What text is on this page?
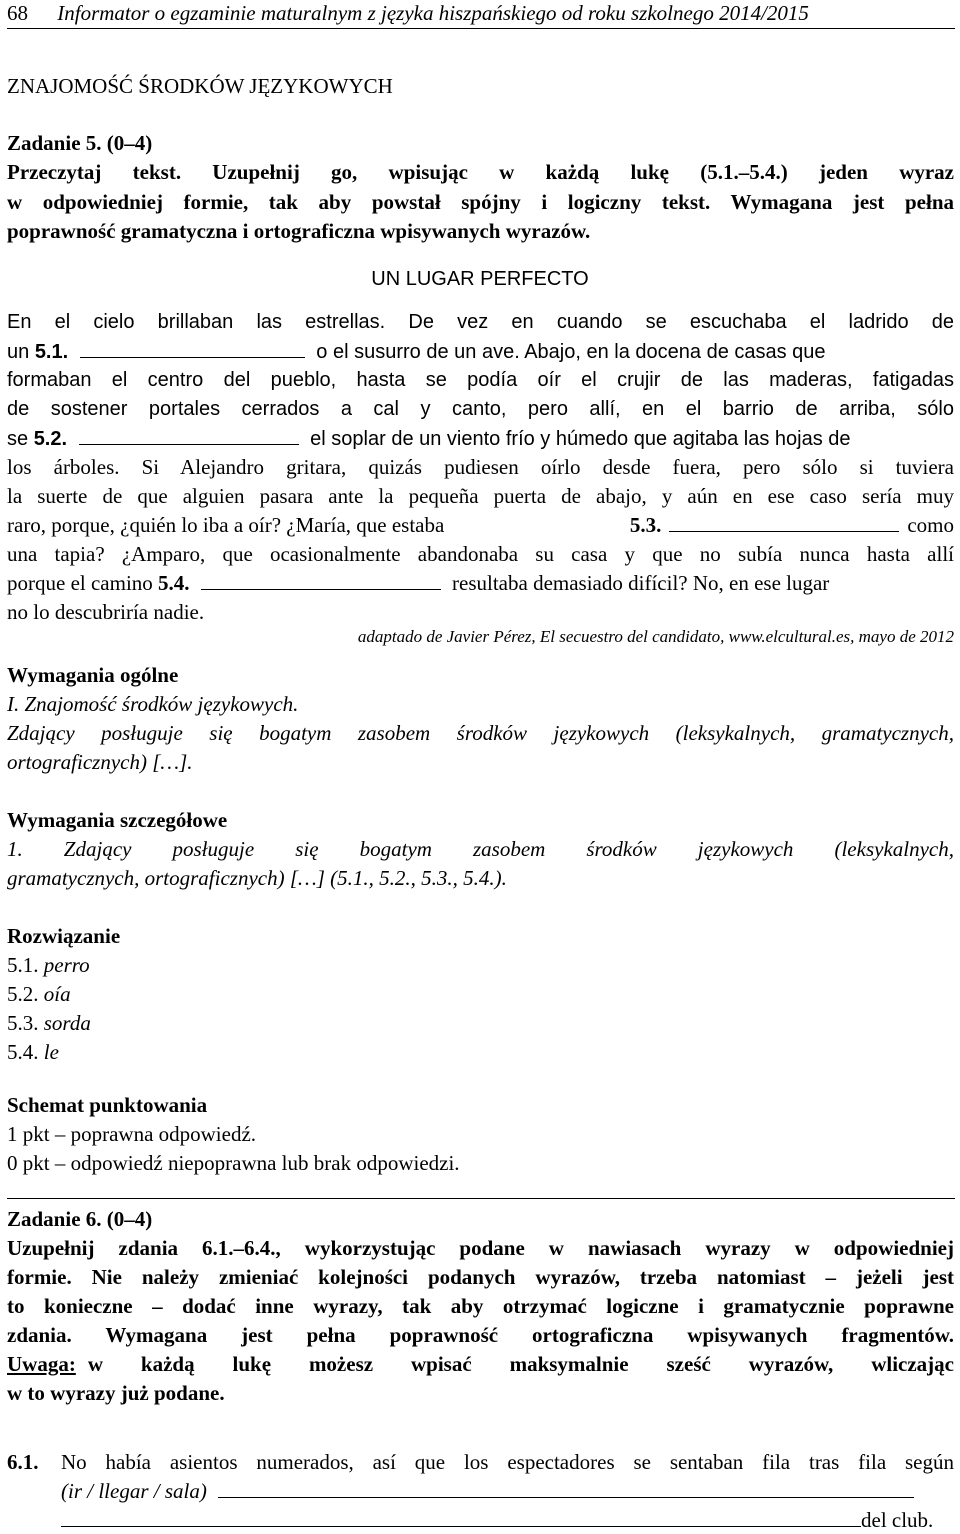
68 Informator o egzaminie maturalnym z języka hiszpańskiego od roku szkolnego 2014/2015
ZNAJOMOŚĆ ŚRODKÓW JĘZYKOWYCH
Zadanie 5. (0–4)
Przeczytaj tekst. Uzupełnij go, wpisując w każdą lukę (5.1.–5.4.) jeden wyraz
w odpowiedniej formie, tak aby powstał spójny i logiczny tekst. Wymagana jest pełna
poprawność gramatyczna i ortograficzna wpisywanych wyrazów.
UN LUGAR PERFECTO
En el cielo brillaban las estrellas. De vez en cuando se escuchaba el ladrido de
un 5.1.	o el susurro de un ave. Abajo, en la docena de casas que
formaban el centro del pueblo, hasta se podía oír el crujir de las maderas, fatigadas
de sostener portales cerrados a cal y canto, pero allí, en el barrio de arriba, sólo
se 5.2.	el soplar de un viento frío y húmedo que agitaba las hojas de
los árboles. Si Alejandro gritara, quizás pudiesen oírlo desde fuera, pero sólo si tuviera
la suerte de que alguien pasara ante la pequeña puerta de abajo, y aún en ese caso sería muy
raro, porque, ¿quién lo iba a oír? ¿María, que estaba	5.3.	como
una tapia? ¿Amparo, que ocasionalmente abandonaba su casa y que no subía nunca hasta allí
porque el camino 5.4.	resultaba demasiado difícil? No, en ese lugar
no lo descubriría nadie.
adaptado de Javier Pérez, El secuestro del candidato, www.elcultural.es, mayo de 2012
Wymagania ogólne
I. Znajomość środków językowych.
Zdający posługuje się bogatym zasobem środków językowych (leksykalnych, gramatycznych,
ortograficznych) […].
Wymagania szczegółowe
1. Zdający posługuje się bogatym zasobem środków językowych (leksykalnych,
gramatycznych, ortograficznych) […] (5.1., 5.2., 5.3., 5.4.).
Rozwiązanie
5.1. perro
5.2. oía
5.3. sorda
5.4. le
Schemat punktowania
1 pkt – poprawna odpowiedź.
0 pkt – odpowiedź niepoprawna lub brak odpowiedzi.
Zadanie 6. (0–4)
Uzupełnij zdania 6.1.–6.4., wykorzystując podane w nawiasach wyrazy w odpowiedniej
formie. Nie należy zmieniać kolejności podanych wyrazów, trzeba natomiast – jeżeli jest
to konieczne – dodać inne wyrazy, tak aby otrzymać logiczne i gramatycznie poprawne
zdania. Wymagana jest pełna poprawność ortograficzna wpisywanych fragmentów.
Uwaga: w każdą lukę możesz wpisać maksymalnie sześć wyrazów, wliczając
w to wyrazy już podane.
6.1. No había asientos numerados, así que los espectadores se sentaban fila tras fila según
(ir / llegar / sala)
del club.
